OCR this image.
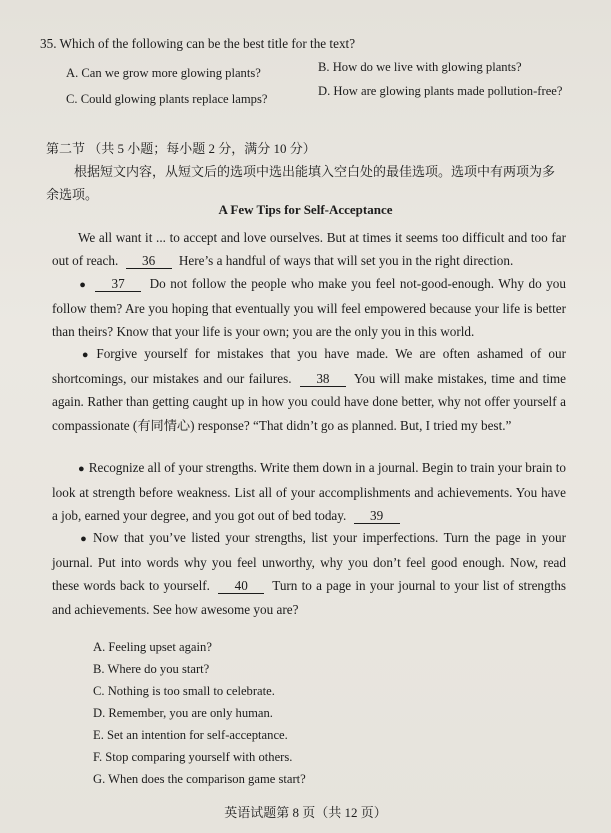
35. Which of the following can be the best title for the text?
A. Can we grow more glowing plants?	B. How do we live with glowing plants?
C. Could glowing plants replace lamps?
D. How are glowing plants made pollution-free?
第二节 （共 5 小题；每小题 2 分，满分 10 分）
根据短文内容，从短文后的选项中选出能填入空白处的最佳选项。选项中有两项为多余选项。
A Few Tips for Self-Acceptance
We all want it ... to accept and love ourselves. But at times it seems too difficult and too far out of reach. 36 Here’s a handful of ways that will set you in the right direction.
● 37 Do not follow the people who make you feel not-good-enough. Why do you follow them? Are you hoping that eventually you will feel empowered because your life is better than theirs? Know that your life is your own; you are the only you in this world.
● Forgive yourself for mistakes that you have made. We are often ashamed of our shortcomings, our mistakes and our failures. 38 You will make mistakes, time and time again. Rather than getting caught up in how you could have done better, why not offer yourself a compassionate (有同情心) response? “That didn’t go as planned. But, I tried my best.”
● Recognize all of your strengths. Write them down in a journal. Begin to train your brain to look at strength before weakness. List all of your accomplishments and achievements. You have a job, earned your degree, and you got out of bed today. 39
● Now that you’ve listed your strengths, list your imperfections. Turn the page in your journal. Put into words why you feel unworthy, why you don’t feel good enough. Now, read these words back to yourself. 40 Turn to a page in your journal to your list of strengths and achievements. See how awesome you are?
A. Feeling upset again?
B. Where do you start?
C. Nothing is too small to celebrate.
D. Remember, you are only human.
E. Set an intention for self-acceptance.
F. Stop comparing yourself with others.
G. When does the comparison game start?
英语试题第 8 页（共 12 页）
